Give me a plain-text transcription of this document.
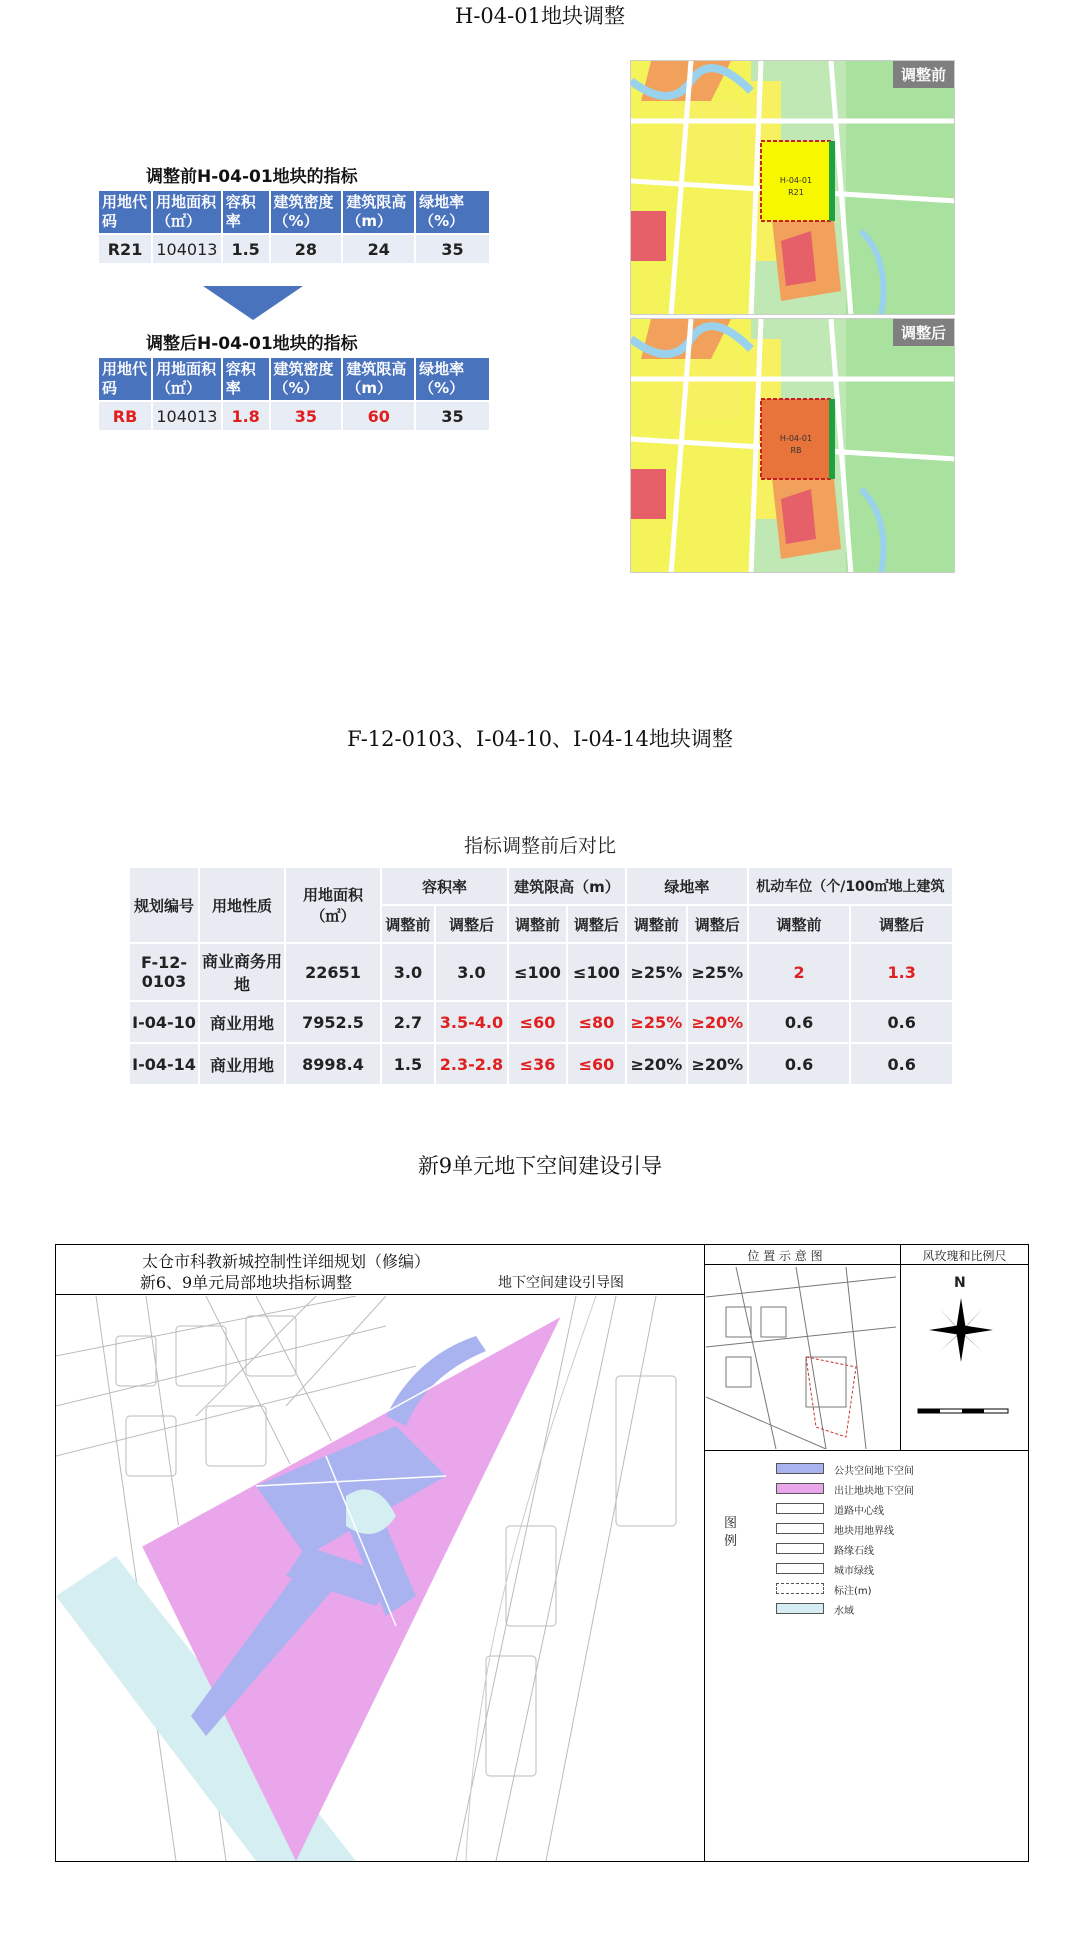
H-04-01地块调整
调整前H-04-01地块的指标
用地代码	用地面积（㎡）	容积率	建筑密度（%）	建筑限高（m）	绿地率（%）
R21	104013	1.5	28	24	35
调整后H-04-01地块的指标
用地代码	用地面积（㎡）	容积率	建筑密度（%）	建筑限高（m）	绿地率（%）
RB	104013	1.8	35	60	35
H-04-01
R21
调整前
H-04-01
RB
调整后
F-12-0103、I-04-10、I-04-14地块调整
指标调整前后对比
规划编号	用地性质	用地面积（㎡）	容积率		建筑限高（m）		绿地率		机动车位（个/100㎡地上建筑	
			调整前	调整后	调整前	调整后	调整前	调整后	调整前	调整后
F-12-0103	商业商务用地	22651	3.0	3.0	≤100	≤100	≥25%	≥25%	2	1.3
I-04-10	商业用地	7952.5	2.7	3.5-4.0	≤60	≤80	≥25%	≥20%	0.6	0.6
I-04-14	商业用地	8998.4	1.5	2.3-2.8	≤36	≤60	≥20%	≥20%	0.6	0.6
新9单元地下空间建设引导
太仓市科教新城控制性详细规划（修编）
新6、9单元局部地块指标调整	地下空间建设引导图
位 置 示 意 图	风玫瑰和比例尺
N
图例
公共空间地下空间
出让地块地下空间
道路中心线
地块用地界线
路缘石线
城市绿线
标注(m)
水域
